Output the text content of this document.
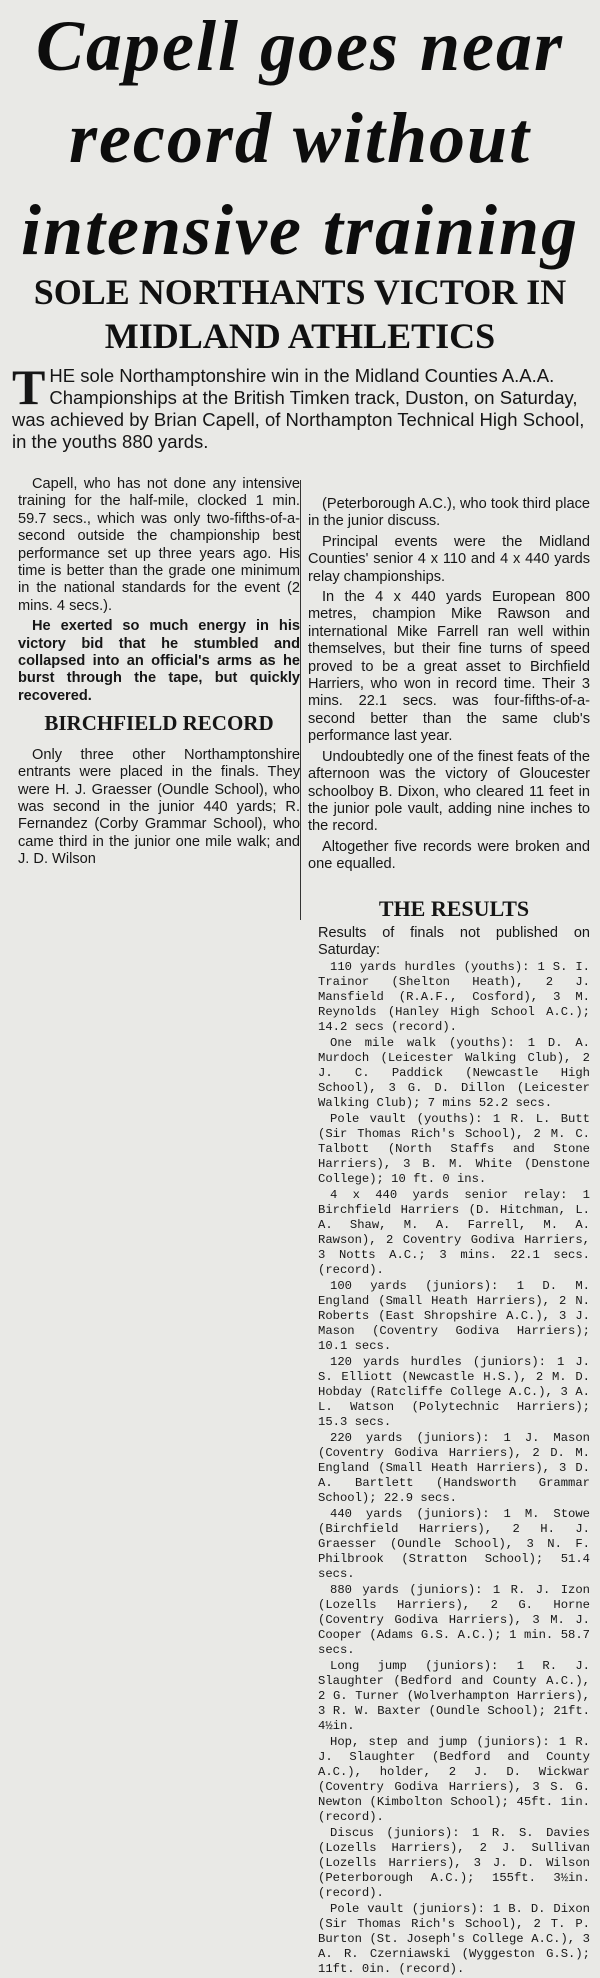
Capell goes near
record without
intensive training
SOLE NORTHANTS VICTOR IN
MIDLAND ATHLETICS

T HE sole Northamptonshire win in the Midland Counties A.A.A. Championships at the British Timken track, Duston, on Saturday, was achieved by Brian Capell, of Northampton Technical High School, in the youths 880 yards.

Capell, who has not done any intensive training for the half-mile, clocked 1 min. 59.7 secs., which was only two-fifths-of-a-second outside the championship best performance set up three years ago. His time is better than the grade one minimum in the national standards for the event (2 mins. 4 secs.).

He exerted so much energy in his victory bid that he stumbled and collapsed into an official's arms as he burst through the tape, but quickly recovered.

BIRCHFIELD RECORD

Only three other Northamptonshire entrants were placed in the finals. They were H. J. Graesser (Oundle School), who was second in the junior 440 yards; R. Fernandez (Corby Grammar School), who came third in the junior one mile walk; and J. D. Wilson

(Peterborough A.C.), who took third place in the junior discuss.

Principal events were the Midland Counties' senior 4 x 110 and 4 x 440 yards relay championships.

In the 4 x 440 yards European 800 metres, champion Mike Rawson and international Mike Farrell ran well within themselves, but their fine turns of speed proved to be a great asset to Birchfield Harriers, who won in record time. Their 3 mins. 22.1 secs. was four-fifths-of-a-second better than the same club's performance last year.

Undoubtedly one of the finest feats of the afternoon was the victory of Gloucester schoolboy B. Dixon, who cleared 11 feet in the junior pole vault, adding nine inches to the record.

Altogether five records were broken and one equalled.

THE RESULTS

Results of finals not published on Saturday:

110 yards hurdles (youths): 1 S. I. Trainor (Shelton Heath), 2 J. Mansfield (R.A.F., Cosford), 3 M. Reynolds (Hanley High School A.C.); 14.2 secs (record).

One mile walk (youths): 1 D. A. Murdoch (Leicester Walking Club), 2 J. C. Paddick (Newcastle High School), 3 G. D. Dillon (Leicester Walking Club); 7 mins 52.2 secs.

Pole vault (youths): 1 R. L. Butt (Sir Thomas Rich's School), 2 M. C. Talbott (North Staffs and Stone Harriers), 3 B. M. White (Denstone College); 10 ft. 0 ins.

4 x 440 yards senior relay: 1 Birchfield Harriers (D. Hitchman, L. A. Shaw, M. A. Farrell, M. A. Rawson), 2 Coventry Godiva Harriers, 3 Notts A.C.; 3 mins. 22.1 secs. (record).

100 yards (juniors): 1 D. M. England (Small Heath Harriers), 2 N. Roberts (East Shropshire A.C.), 3 J. Mason (Coventry Godiva Harriers); 10.1 secs.

120 yards hurdles (juniors): 1 J. S. Elliott (Newcastle H.S.), 2 M. D. Hobday (Ratcliffe College A.C.), 3 A. L. Watson (Polytechnic Harriers); 15.3 secs.

220 yards (juniors): 1 J. Mason (Coventry Godiva Harriers), 2 D. M. England (Small Heath Harriers), 3 D. A. Bartlett (Handsworth Grammar School); 22.9 secs.

440 yards (juniors): 1 M. Stowe (Birchfield Harriers), 2 H. J. Graesser (Oundle School), 3 N. F. Philbrook (Stratton School); 51.4 secs.

880 yards (juniors): 1 R. J. Izon (Lozells Harriers), 2 G. Horne (Coventry Godiva Harriers), 3 M. J. Cooper (Adams G.S. A.C.); 1 min. 58.7 secs.

Long jump (juniors): 1 R. J. Slaughter (Bedford and County A.C.), 2 G. Turner (Wolverhampton Harriers), 3 R. W. Baxter (Oundle School); 21ft. 4½in.

Hop, step and jump (juniors): 1 R. J. Slaughter (Bedford and County A.C.), holder, 2 J. D. Wickwar (Coventry Godiva Harriers), 3 S. G. Newton (Kimbolton School); 45ft. 1in. (record).

Discus (juniors): 1 R. S. Davies (Lozells Harriers), 2 J. Sullivan (Lozells Harriers), 3 J. D. Wilson (Peterborough A.C.); 155ft. 3½in. (record).

Pole vault (juniors): 1 B. D. Dixon (Sir Thomas Rich's School), 2 T. P. Burton (St. Joseph's College A.C.), 3 A. R. Czerniawski (Wyggeston G.S.); 11ft. 0in. (record).
